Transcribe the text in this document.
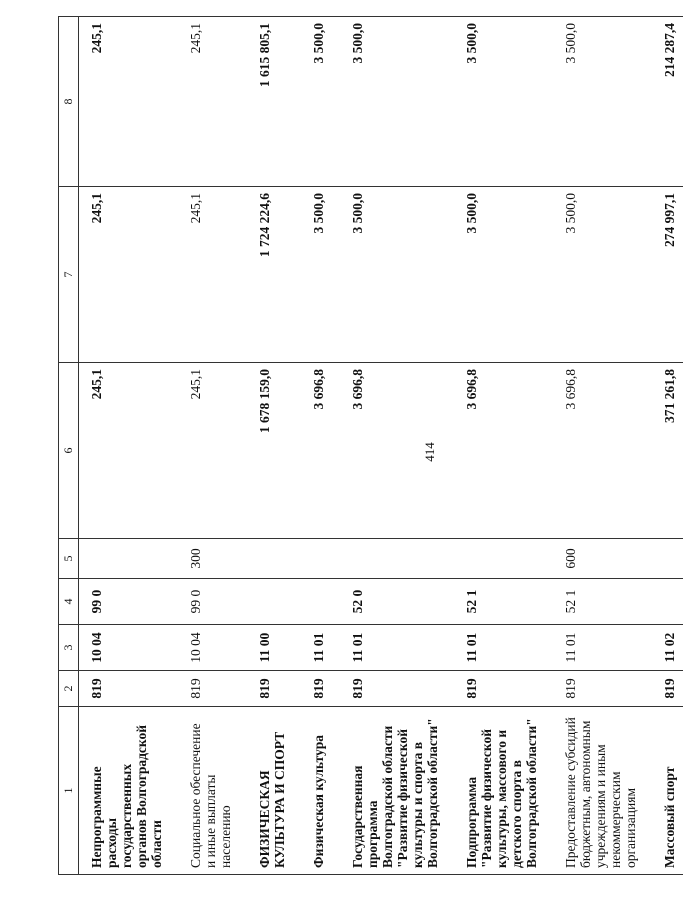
414
1	2	3	4	5	6	7	8
Непрограммные расходы государственных органов Волгоградской области	819	10 04	99 0		245,1	245,1	245,1
Социальное обеспечение и иные выплаты населению	819	10 04	99 0	300	245,1	245,1	245,1
ФИЗИЧЕСКАЯ КУЛЬТУРА И СПОРТ	819	11 00			1 678 159,0	1 724 224,6	1 615 805,1
Физическая культура	819	11 01			3 696,8	3 500,0	3 500,0
Государственная программа Волгоградской области "Развитие физической культуры и спорта в Волгоградской области"	819	11 01	52 0		3 696,8	3 500,0	3 500,0
Подпрограмма "Развитие физической культуры, массового и детского спорта в Волгоградской области"	819	11 01	52 1		3 696,8	3 500,0	3 500,0
Предоставление субсидий бюджетным, автономным учреждениям и иным некоммерческим организациям	819	11 01	52 1	600	3 696,8	3 500,0	3 500,0
Массовый спорт	819	11 02			371 261,8	274 997,1	214 287,4
